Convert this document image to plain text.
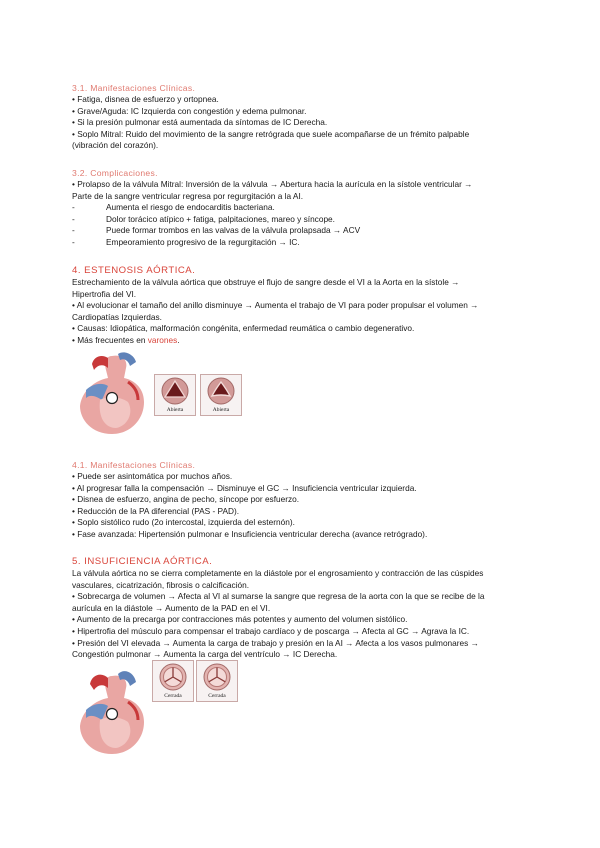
3.1. Manifestaciones Clínicas.

• Fatiga, disnea de esfuerzo y ortopnea.

• Grave/Aguda: IC Izquierda con congestión y edema pulmonar.

• Si la presión pulmonar está aumentada da síntomas de IC Derecha.

• Soplo Mitral: Ruido del movimiento de la sangre retrógrada que suele acompañarse de un frémito palpable

(vibración del corazón).

3.2. Complicaciones.

• Prolapso de la válvula Mitral: Inversión de la válvula → Abertura hacia la aurícula en la sístole ventricular →

Parte de la sangre ventricular regresa por regurgitación a la AI.

-	Aumenta el riesgo de endocarditis bacteriana.

-	Dolor torácico atípico + fatiga, palpitaciones, mareo y síncope.

-	Puede formar trombos en las valvas de la válvula prolapsada → ACV

-	Empeoramiento progresivo de la regurgitación → IC.

4. ESTENOSIS AÓRTICA.

Estrechamiento de la válvula aórtica que obstruye el flujo de sangre desde el VI a la Aorta en la sístole →

Hipertrofia del VI.

• Al evolucionar el tamaño del anillo disminuye → Aumenta el trabajo de VI para poder propulsar el volumen →

Cardiopatías Izquierdas.

• Causas: Idiopática, malformación congénita, enfermedad reumática o cambio degenerativo.

• Más frecuentes en varones.

Abierta	Abierta

4.1. Manifestaciones Clínicas.

• Puede ser asintomática por muchos años.

• Al progresar falla la compensación → Disminuye el GC → Insuficiencia ventricular izquierda.

• Disnea de esfuerzo, angina de pecho, síncope por esfuerzo.

• Reducción de la PA diferencial (PAS - PAD).

• Soplo sistólico rudo (2o intercostal, izquierda del esternón).

• Fase avanzada: Hipertensión pulmonar e Insuficiencia ventricular derecha (avance retrógrado).

5. INSUFICIENCIA AÓRTICA.

La válvula aórtica no se cierra completamente en la diástole por el engrosamiento y contracción de las cúspides

vasculares, cicatrización, fibrosis o calcificación.

• Sobrecarga de volumen → Afecta al VI al sumarse la sangre que regresa de la aorta con la que se recibe de la

aurícula en la diástole → Aumento de la PAD en el VI.

• Aumento de la precarga por contracciones más potentes y aumento del volumen sistólico.

• Hipertrofia del músculo para compensar el trabajo cardíaco y de poscarga → Afecta al GC → Agrava la IC.

• Presión del VI elevada → Aumenta la carga de trabajo y presión en la AI → Afecta a los vasos pulmonares →

Congestión pulmonar → Aumenta la carga del ventrículo → IC Derecha.

Cerrada	Cerrada
